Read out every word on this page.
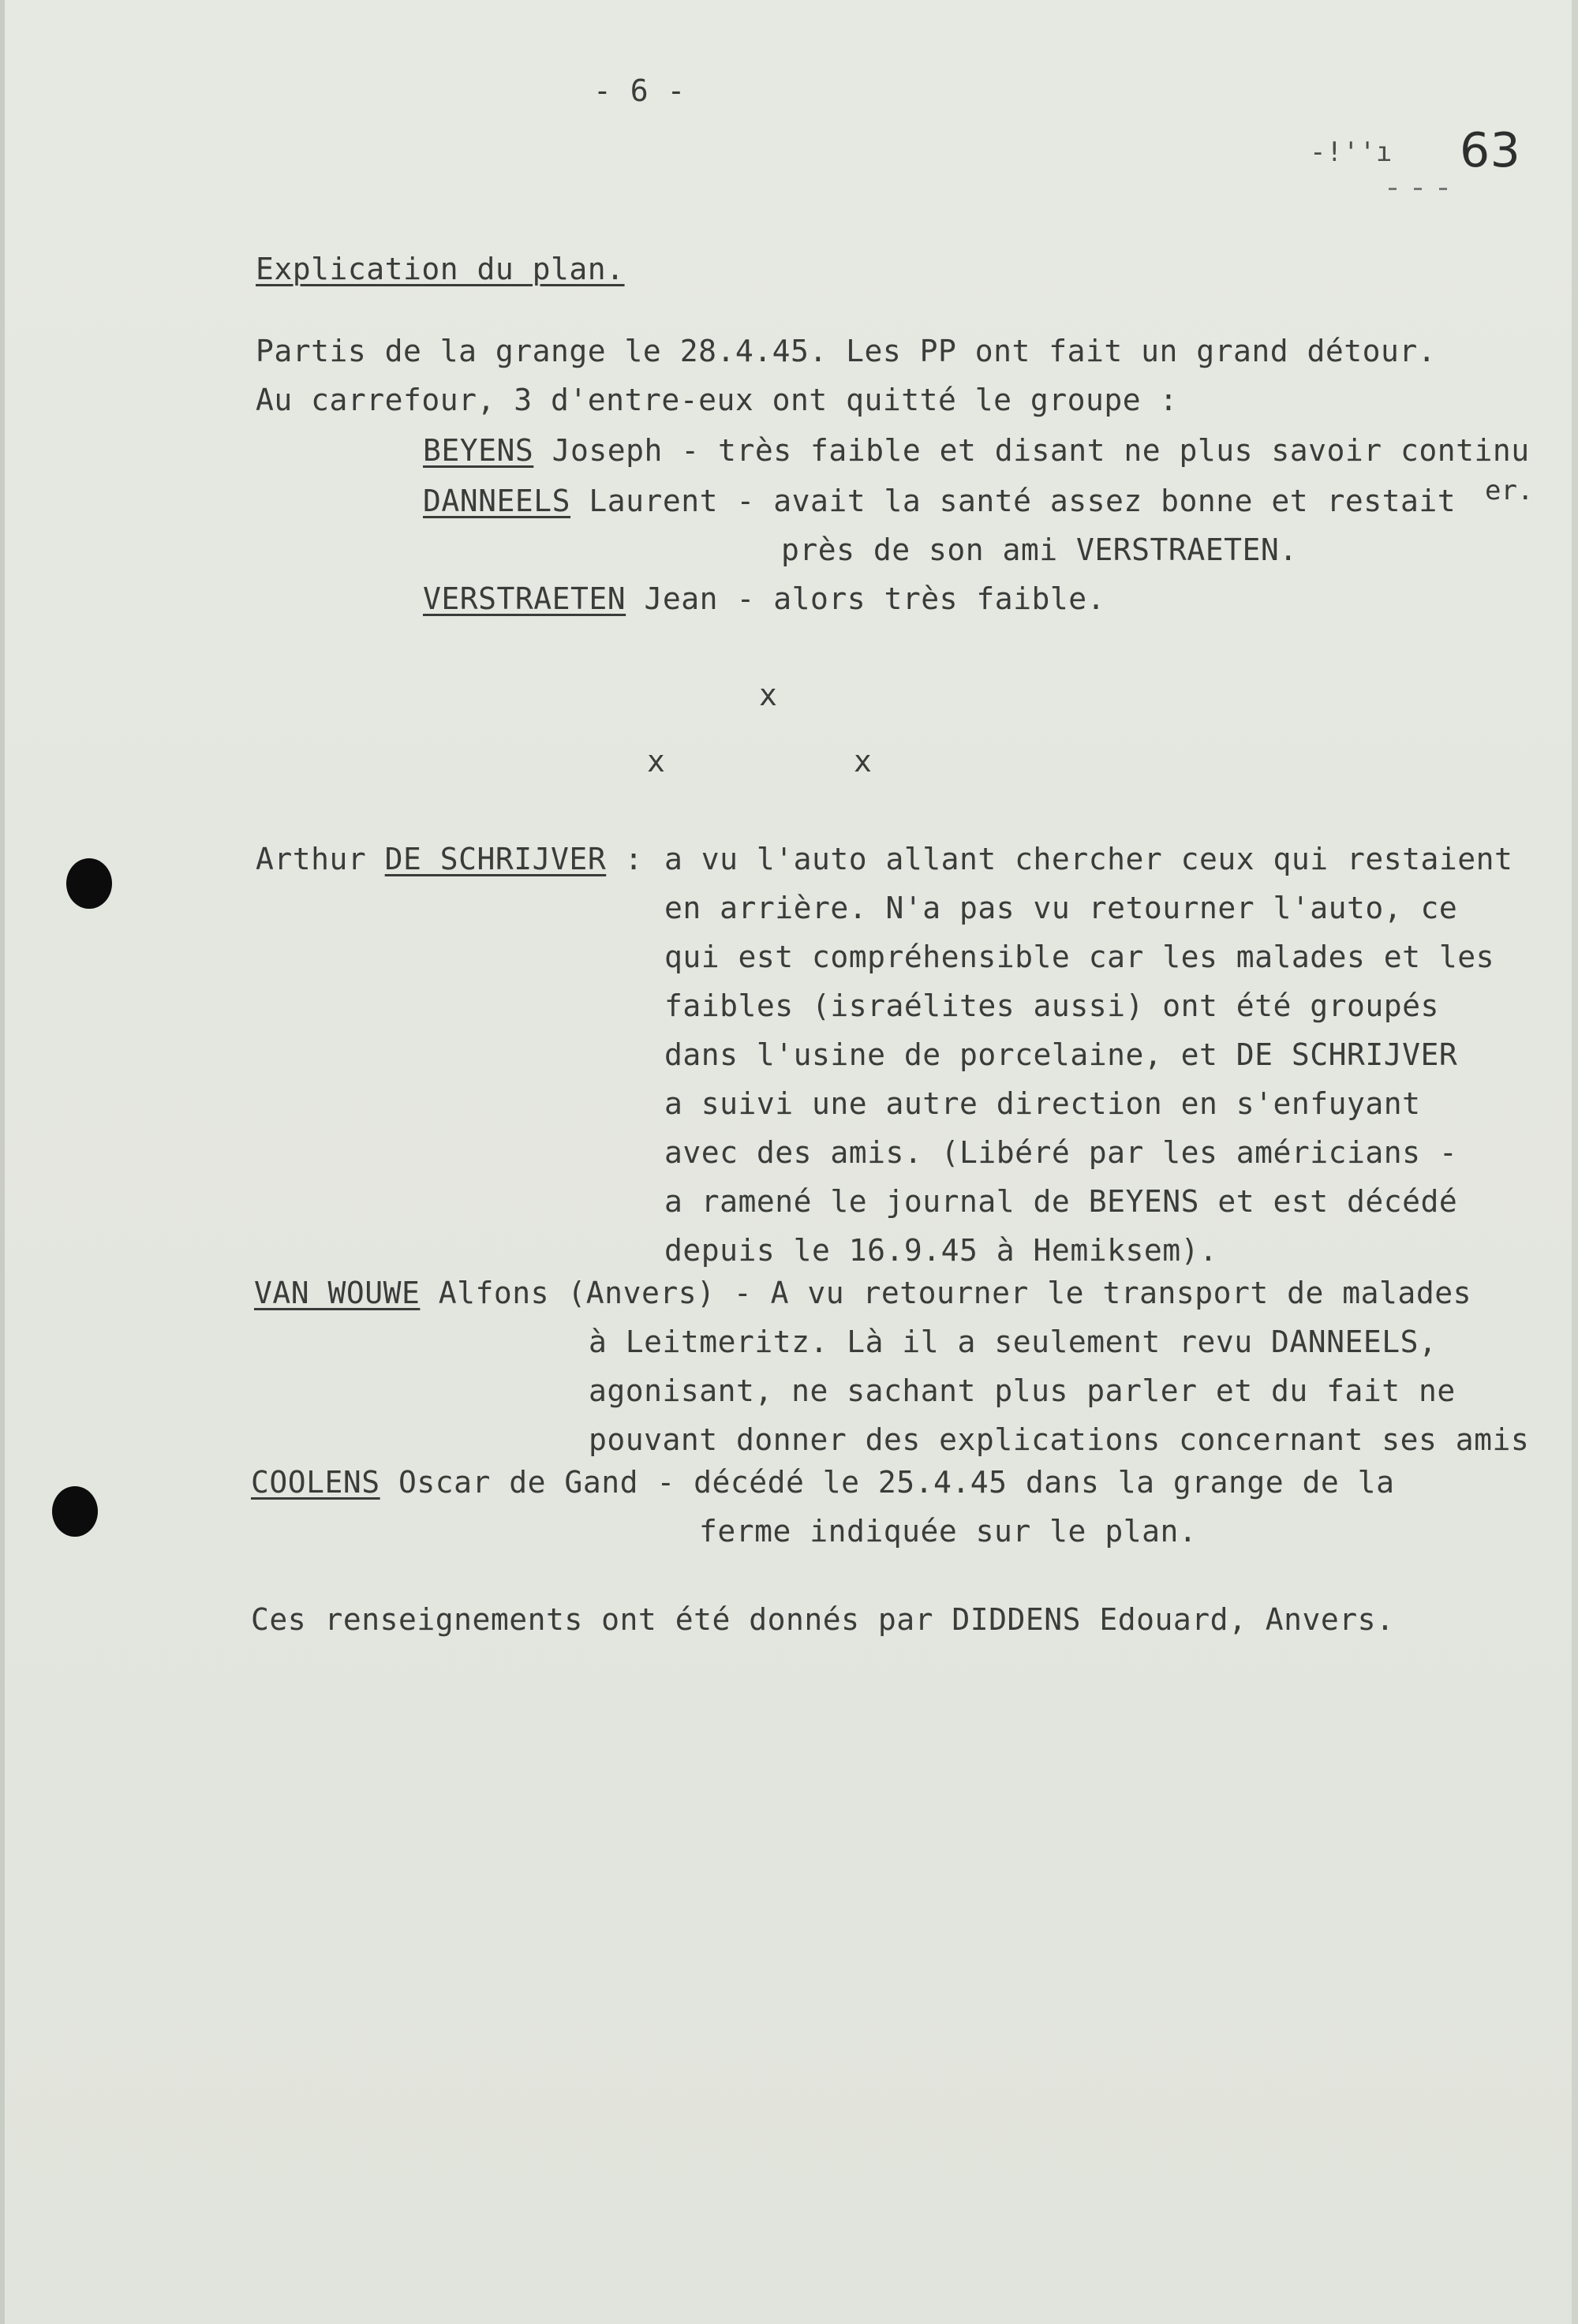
- 6 -
-!''ı 63
Explication du plan.
Partis de la grange le 28.4.45. Les PP ont fait un grand détour.
Au carrefour, 3 d'entre-eux ont quitté le groupe :
BEYENS Joseph - très faible et disant ne plus savoir continu
DANNEELS Laurent - avait la santé assez bonne et restait er.
près de son ami VERSTRAETEN.
VERSTRAETEN Jean - alors très faible.
x
x	x
Arthur DE SCHRIJVER : a vu l'auto allant chercher ceux qui restaient
en arrière. N'a pas vu retourner l'auto, ce
qui est compréhensible car les malades et les
faibles (israélites aussi) ont été groupés
dans l'usine de porcelaine, et DE SCHRIJVER
a suivi une autre direction en s'enfuyant
avec des amis. (Libéré par les américians -
a ramené le journal de BEYENS et est décédé
depuis le 16.9.45 à Hemiksem).
VAN WOUWE Alfons (Anvers) - A vu retourner le transport de malades
à Leitmeritz. Là il a seulement revu DANNEELS,
agonisant, ne sachant plus parler et du fait ne
pouvant donner des explications concernant ses amis
COOLENS Oscar de Gand - décédé le 25.4.45 dans la grange de la
ferme indiquée sur le plan.
Ces renseignements ont été donnés par DIDDENS Edouard, Anvers.
